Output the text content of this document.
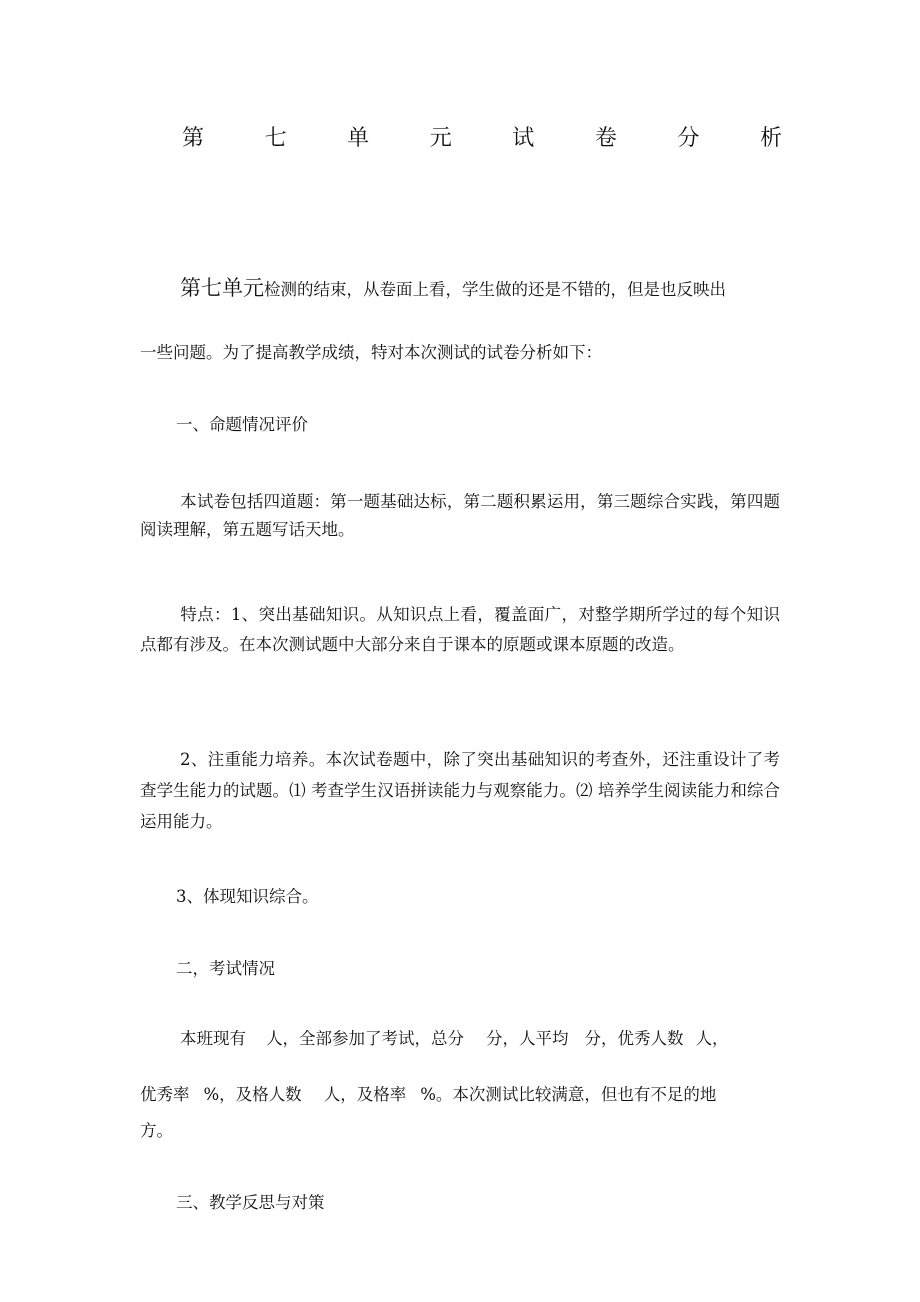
第	七	单	元	试	卷	分	析
第七单元检测的结束，从卷面上看，学生做的还是不错的，但是也反映出
一些问题。为了提高教学成绩，特对本次测试的试卷分析如下：
一、命题情况评价
本试卷包括四道题：第一题基础达标，第二题积累运用，第三题综合实践，第四题阅读理解，第五题写话天地。
特点：1、突出基础知识。从知识点上看，覆盖面广，对整学期所学过的每个知识点都有涉及。在本次测试题中大部分来自于课本的原题或课本原题的改造。
2、注重能力培养。本次试卷题中，除了突出基础知识的考查外，还注重设计了考查学生能力的试题。⑴ 考查学生汉语拼读能力与观察能力。⑵ 培养学生阅读能力和综合运用能力。
3、体现知识综合。
二，考试情况
本班现有 人，全部参加了考试，总分 分，人平均 分，优秀人数 人，
优秀率 %，及格人数 人，及格率 %。本次测试比较满意，但也有不足的地
方。
三、教学反思与对策
